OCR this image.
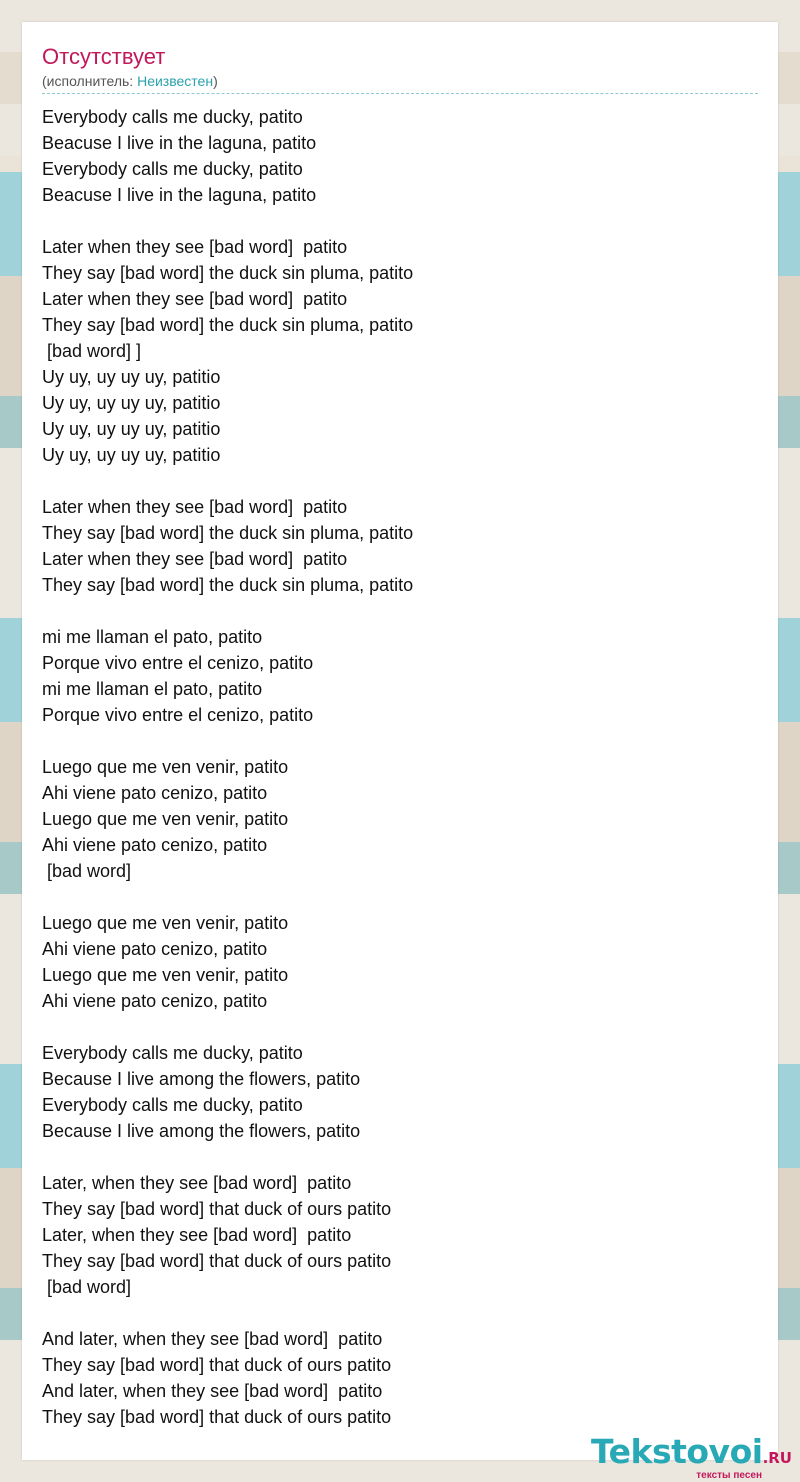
Отсутствует
(исполнитель: Неизвестен)
Everybody calls me ducky, patito
Beacuse I live in the laguna, patito
Everybody calls me ducky, patito
Beacuse I live in the laguna, patito
Later when they see [bad word]  patito
They say [bad word] the duck sin pluma, patito
Later when they see [bad word]  patito
They say [bad word] the duck sin pluma, patito
[bad word] ]
Uy uy, uy uy uy, patitio
Uy uy, uy uy uy, patitio
Uy uy, uy uy uy, patitio
Uy uy, uy uy uy, patitio
Later when they see [bad word]  patito
They say [bad word] the duck sin pluma, patito
Later when they see [bad word]  patito
They say [bad word] the duck sin pluma, patito
mi me llaman el pato, patito
Porque vivo entre el cenizo, patito
mi me llaman el pato, patito
Porque vivo entre el cenizo, patito
Luego que me ven venir, patito
Ahi viene pato cenizo, patito
Luego que me ven venir, patito
Ahi viene pato cenizo, patito
[bad word]
Luego que me ven venir, patito
Ahi viene pato cenizo, patito
Luego que me ven venir, patito
Ahi viene pato cenizo, patito
Everybody calls me ducky, patito
Because I live among the flowers, patito
Everybody calls me ducky, patito
Because I live among the flowers, patito
Later, when they see [bad word]  patito
They say [bad word] that duck of ours patito
Later, when they see [bad word]  patito
They say [bad word] that duck of ours patito
[bad word]
And later, when they see [bad word]  patito
They say [bad word] that duck of ours patito
And later, when they see [bad word]  patito
They say [bad word] that duck of ours patito
Tekstovoi.RU
тексты песен
